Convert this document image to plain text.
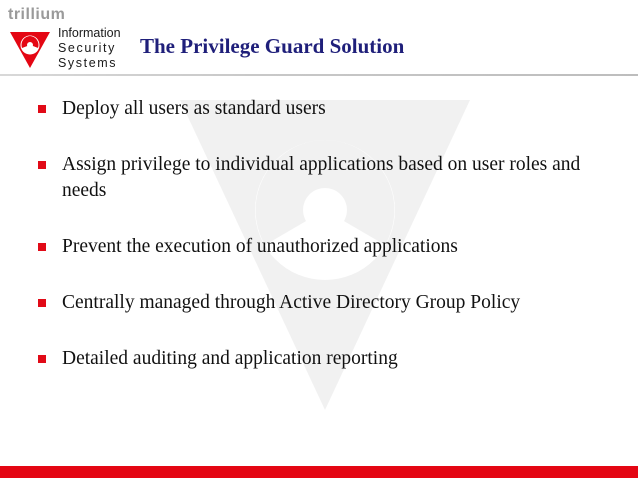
trillium
Information
Security
Systems
The Privilege Guard Solution
Deploy all users as standard users
Assign privilege to individual applications based on user roles and needs
Prevent the execution of unauthorized applications
Centrally managed through Active Directory Group Policy
Detailed auditing and application reporting
